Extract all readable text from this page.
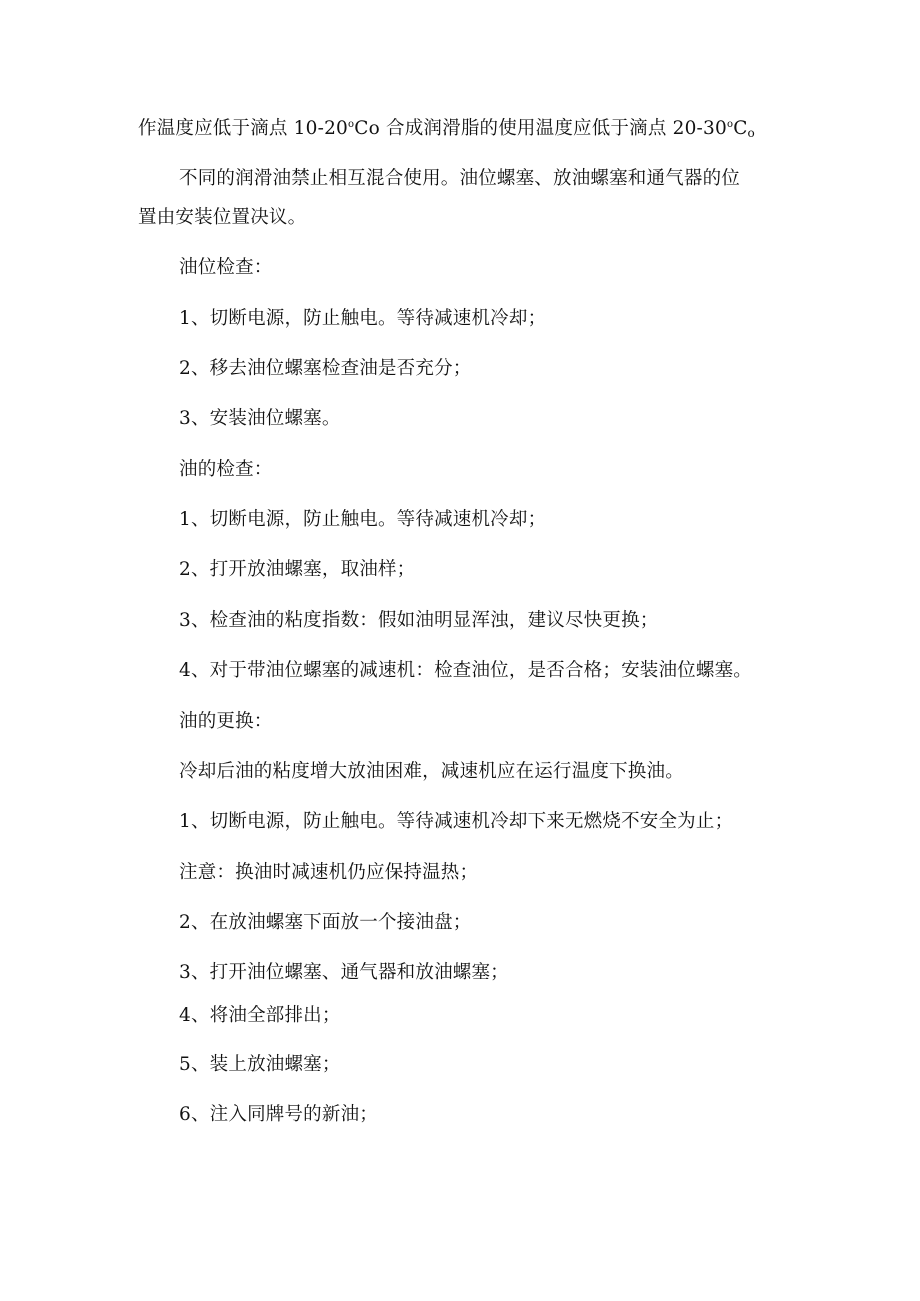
作温度应低于滴点 10-20$^o$Co 合成润滑脂的使用温度应低于滴点 $20-30^oC_o$

不同的润滑油禁止相互混合使用。油位螺塞、放油螺塞和通气器的位

置由安装位置决议。

油位检查：

1、切断电源，防止触电。等待减速机冷却；

2、移去油位螺塞检查油是否充分；

3、安装油位螺塞。

油的检查：

1、切断电源，防止触电。等待减速机冷却；

2、打开放油螺塞，取油样；

3、检查油的粘度指数：假如油明显浑浊，建议尽快更换；

4、对于带油位螺塞的减速机：检查油位，是否合格；安装油位螺塞。

油的更换：

冷却后油的粘度增大放油困难，减速机应在运行温度下换油。

1、切断电源，防止触电。等待减速机冷却下来无燃烧不安全为止；

注意：换油时减速机仍应保持温热；

2、在放油螺塞下面放一个接油盘；

3、打开油位螺塞、通气器和放油螺塞；

4、将油全部排出；

5、装上放油螺塞；

6、注入同牌号的新油；
